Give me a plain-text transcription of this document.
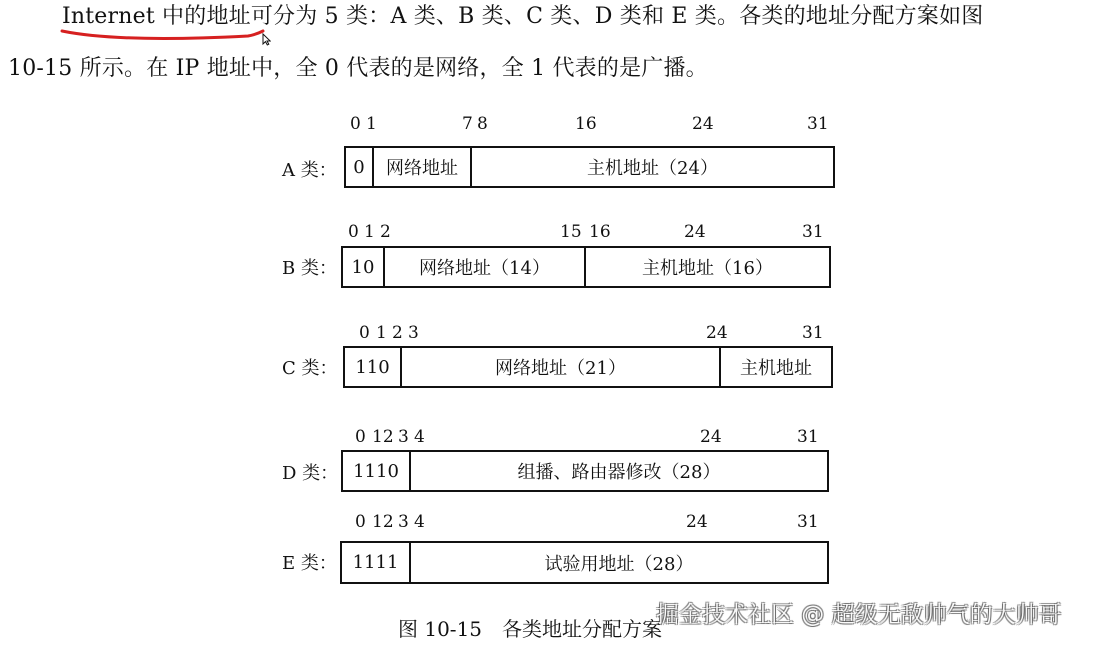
Internet 中的地址可分为 5 类：A 类、B 类、C 类、D 类和 E 类。各类的地址分配方案如图
10-15 所示。在 IP 地址中，全 0 代表的是网络，全 1 代表的是广播。
A 类：
0 1	7 8	16	24	31
0	网络地址	主机地址（24）
B 类：
0 1 2	15 16	24	31
10	网络地址（14）	主机地址（16）
C 类：
0 1 2 3	24	31
110	网络地址（21）	主机地址
D 类：
0 12 3 4	24	31
1110	组播、路由器修改（28）
E 类：
0 12 3 4	24	31
1111	试验用地址（28）
图 10-15　各类地址分配方案
掘金技术社区 @ 超级无敌帅气的大帅哥
